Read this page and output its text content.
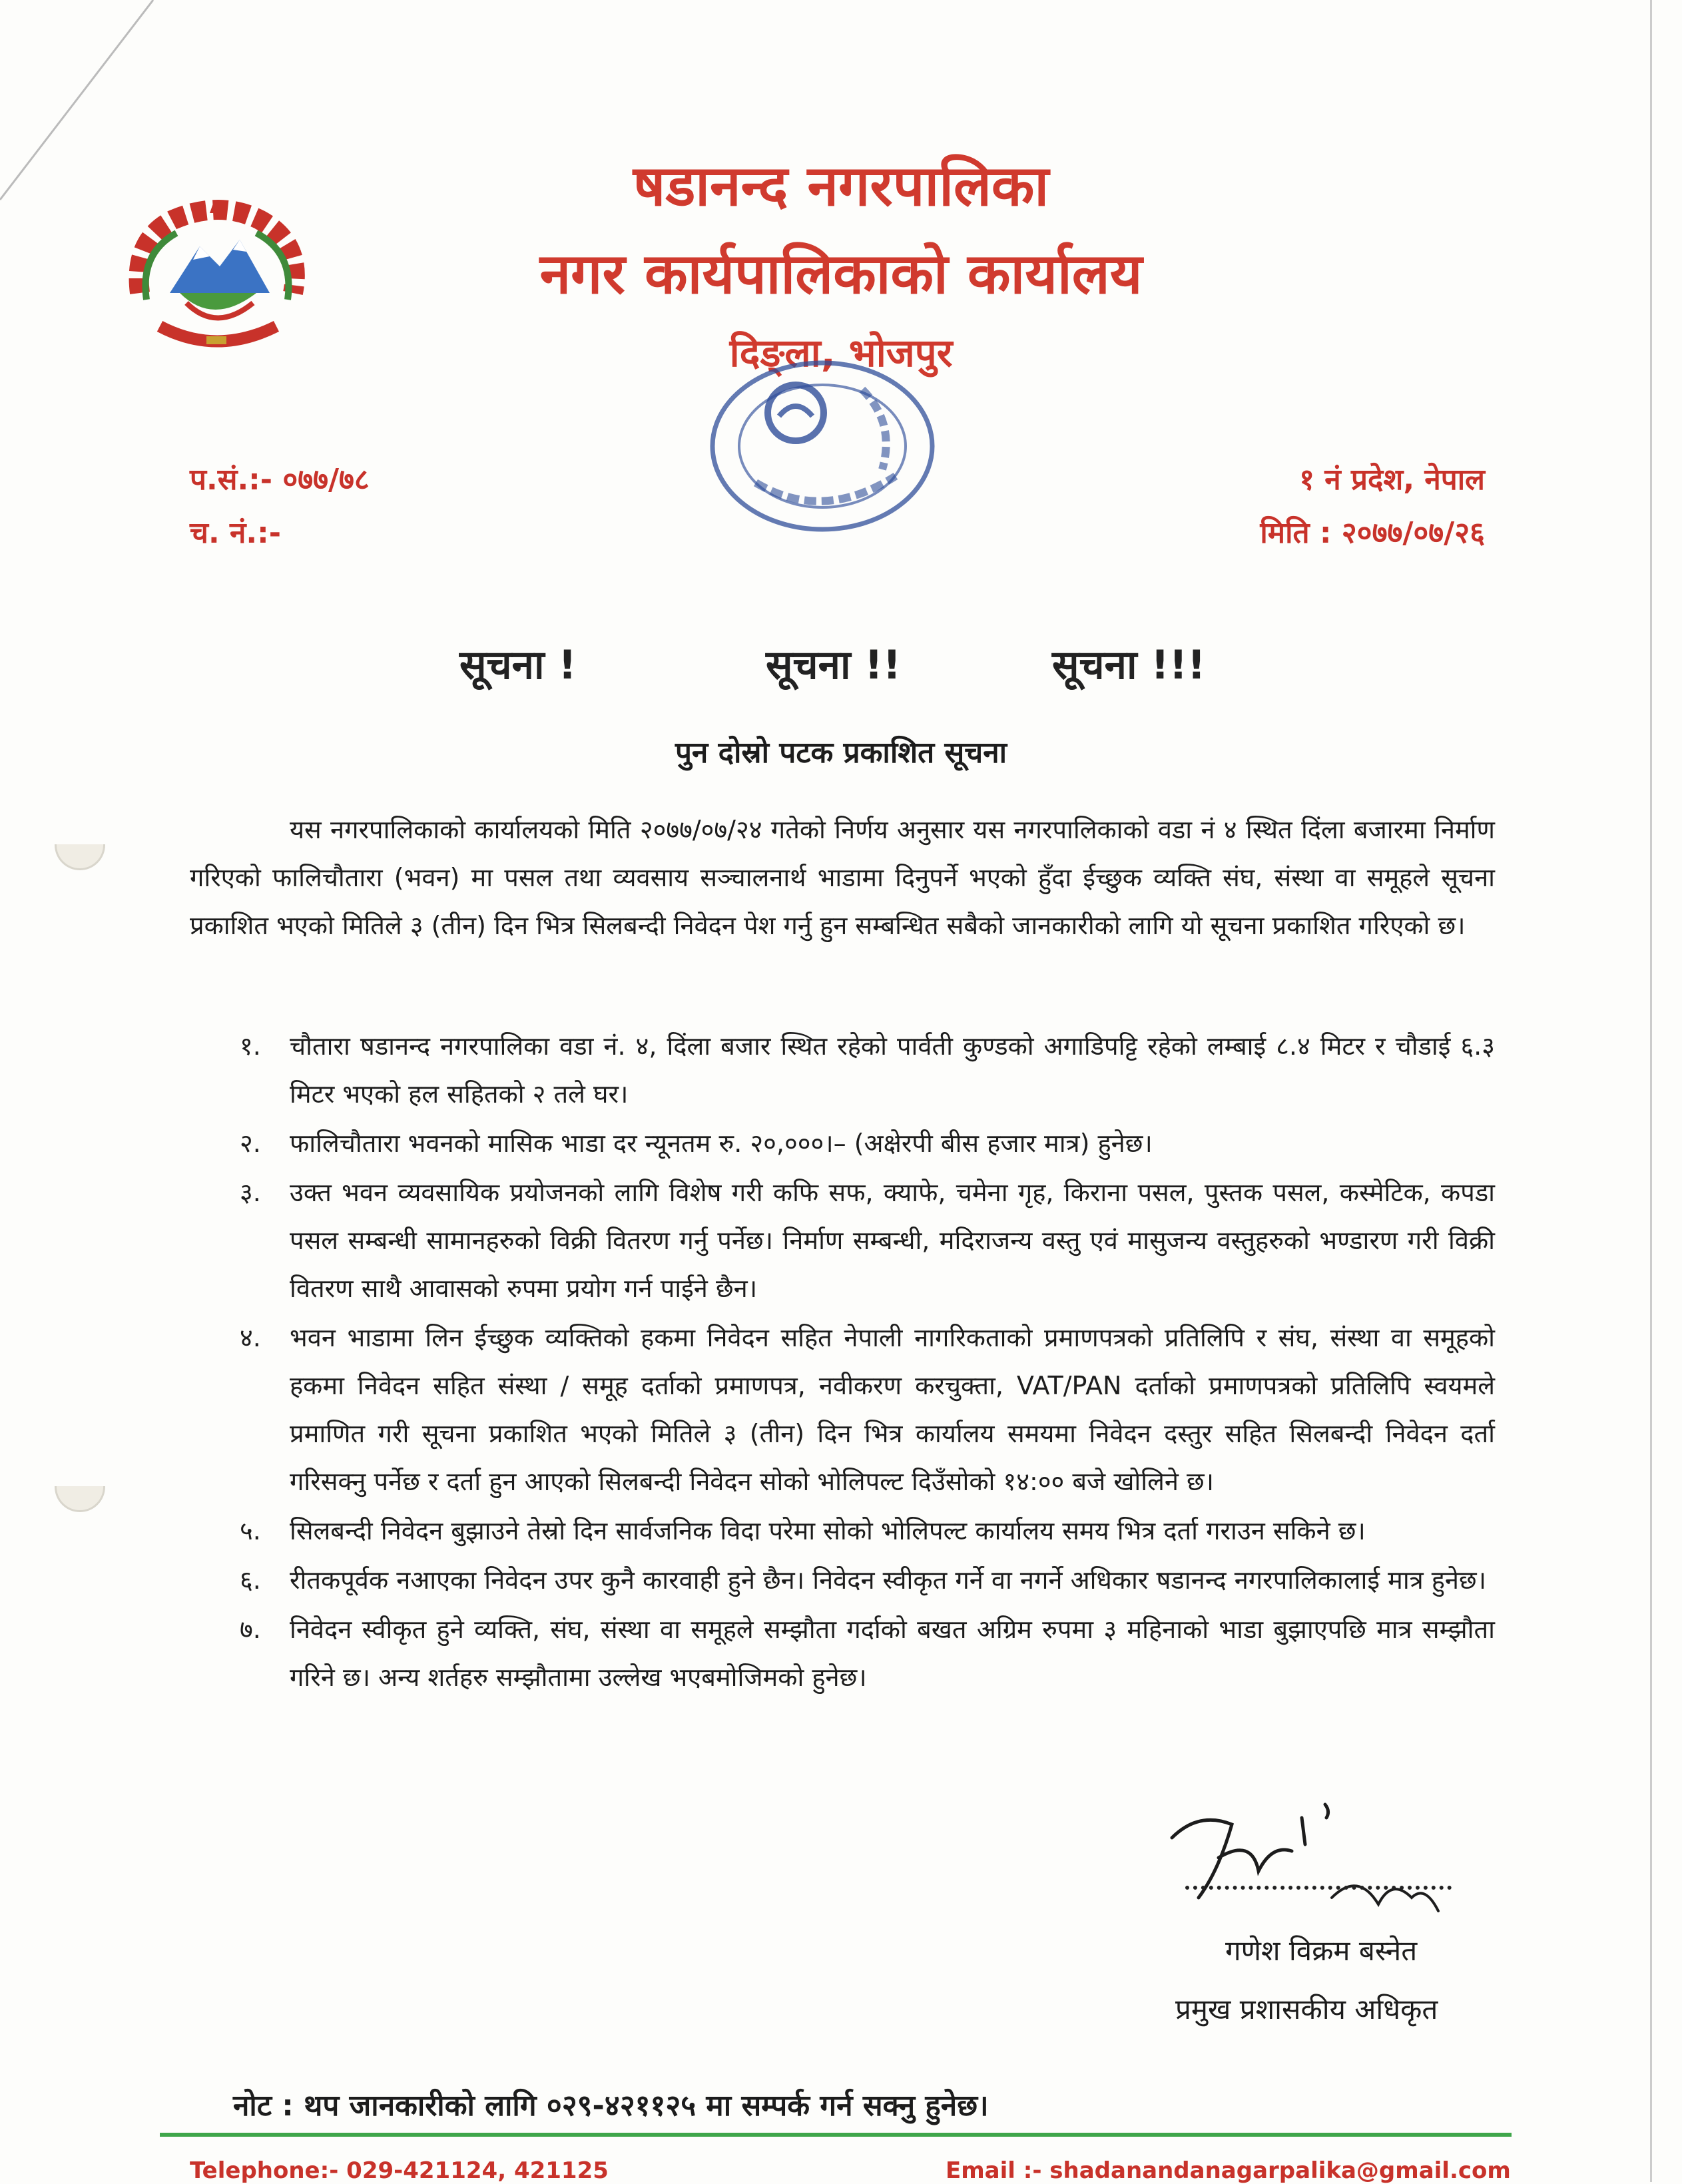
षडानन्द नगरपालिका
नगर कार्यपालिकाको कार्यालय
दिङ्ला, भोजपुर
प.सं.:- ०७७/७८
च. नं.:-
१ नं प्रदेश, नेपाल
मिति : २०७७/०७/२६
सूचना !	सूचना !!	सूचना !!!
पुन दोस्रो पटक प्रकाशित सूचना
यस नगरपालिकाको कार्यालयको मिति २०७७/०७/२४ गतेको निर्णय अनुसार यस नगरपालिकाको वडा नं ४ स्थित दिंला बजारमा निर्माण गरिएको फालिचौतारा (भवन) मा पसल तथा व्यवसाय सञ्चालनार्थ भाडामा दिनुपर्ने भएको हुँदा ईच्छुक व्यक्ति संघ, संस्था वा समूहले सूचना प्रकाशित भएको मितिले ३ (तीन) दिन भित्र सिलबन्दी निवेदन पेश गर्नु हुन सम्बन्धित सबैको जानकारीको लागि यो सूचना प्रकाशित गरिएको छ।
१. चौतारा षडानन्द नगरपालिका वडा नं. ४, दिंला बजार स्थित रहेको पार्वती कुण्डको अगाडिपट्टि रहेको लम्बाई ८.४ मिटर र चौडाई ६.३ मिटर भएको हल सहितको २ तले घर।
२. फालिचौतारा भवनको मासिक भाडा दर न्यूनतम रु. २०,०००।– (अक्षेरपी बीस हजार मात्र) हुनेछ।
३. उक्त भवन व्यवसायिक प्रयोजनको लागि विशेष गरी कफि सफ, क्याफे, चमेना गृह, किराना पसल, पुस्तक पसल, कस्मेटिक, कपडा पसल सम्बन्धी सामानहरुको विक्री वितरण गर्नु पर्नेछ। निर्माण सम्बन्धी, मदिराजन्य वस्तु एवं मासुजन्य वस्तुहरुको भण्डारण गरी विक्री वितरण साथै आवासको रुपमा प्रयोग गर्न पाईने छैन।
४. भवन भाडामा लिन ईच्छुक व्यक्तिको हकमा निवेदन सहित नेपाली नागरिकताको प्रमाणपत्रको प्रतिलिपि र संघ, संस्था वा समूहको हकमा निवेदन सहित संस्था / समूह दर्ताको प्रमाणपत्र, नवीकरण करचुक्ता, VAT/PAN दर्ताको प्रमाणपत्रको प्रतिलिपि स्वयमले प्रमाणित गरी सूचना प्रकाशित भएको मितिले ३ (तीन) दिन भित्र कार्यालय समयमा निवेदन दस्तुर सहित सिलबन्दी निवेदन दर्ता गरिसक्नु पर्नेछ र दर्ता हुन आएको सिलबन्दी निवेदन सोको भोलिपल्ट दिउँसोको १४:०० बजे खोलिने छ।
५. सिलबन्दी निवेदन बुझाउने तेस्रो दिन सार्वजनिक विदा परेमा सोको भोलिपल्ट कार्यालय समय भित्र दर्ता गराउन सकिने छ।
६. रीतकपूर्वक नआएका निवेदन उपर कुनै कारवाही हुने छैन। निवेदन स्वीकृत गर्ने वा नगर्ने अधिकार षडानन्द नगरपालिकालाई मात्र हुनेछ।
७. निवेदन स्वीकृत हुने व्यक्ति, संघ, संस्था वा समूहले सम्झौता गर्दाको बखत अग्रिम रुपमा ३ महिनाको भाडा बुझाएपछि मात्र सम्झौता गरिने छ। अन्य शर्तहरु सम्झौतामा उल्लेख भएबमोजिमको हुनेछ।
गणेश विक्रम बस्नेत
प्रमुख प्रशासकीय अधिकृत
नोट : थप जानकारीको लागि ०२९-४२११२५ मा सम्पर्क गर्न सक्नु हुनेछ।
Telephone:- 029-421124, 421125	Email :- shadanandanagarpalika@gmail.com
